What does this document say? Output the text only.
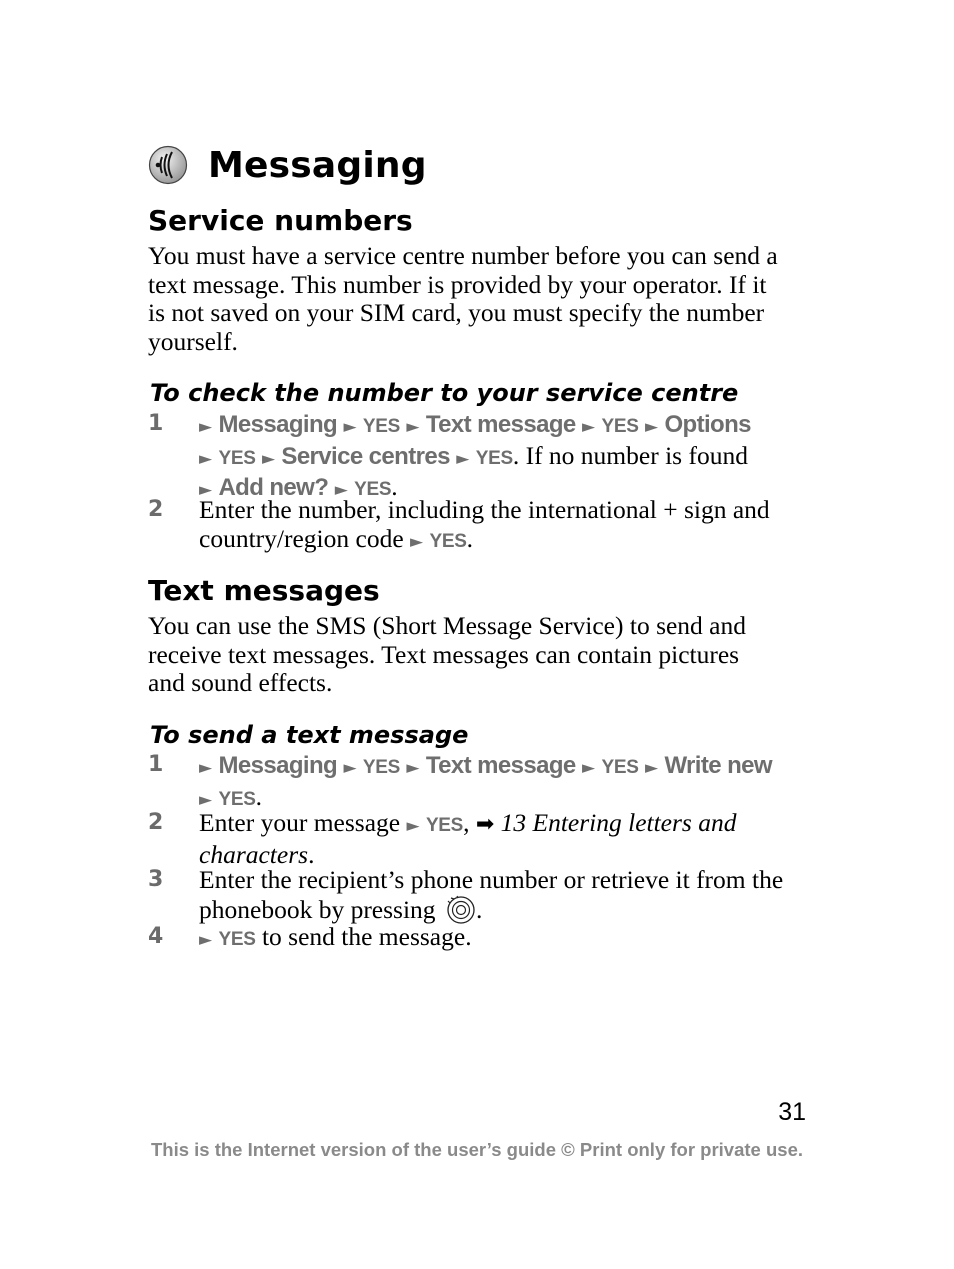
Messaging
Service numbers
You must have a service centre number before you can send a
text message. This number is provided by your operator. If it
is not saved on your SIM card, you must specify the number
yourself.
To check the number to your service centre
1 ► Messaging ► YES ► Text message ► YES ► Options
► YES ► Service centres ► YES. If no number is found
► Add new? ► YES.
2 Enter the number, including the international + sign and
country/region code ► YES.
Text messages
You can use the SMS (Short Message Service) to send and
receive text messages. Text messages can contain pictures
and sound effects.
To send a text message
1 ► Messaging ► YES ► Text message ► YES ► Write new
► YES.
2 Enter your message ► YES, ➡ 13 Entering letters and
characters.
3 Enter the recipient’s phone number or retrieve it from the
phonebook by pressing .
4 ► YES to send the message.
31
This is the Internet version of the user’s guide © Print only for private use.
